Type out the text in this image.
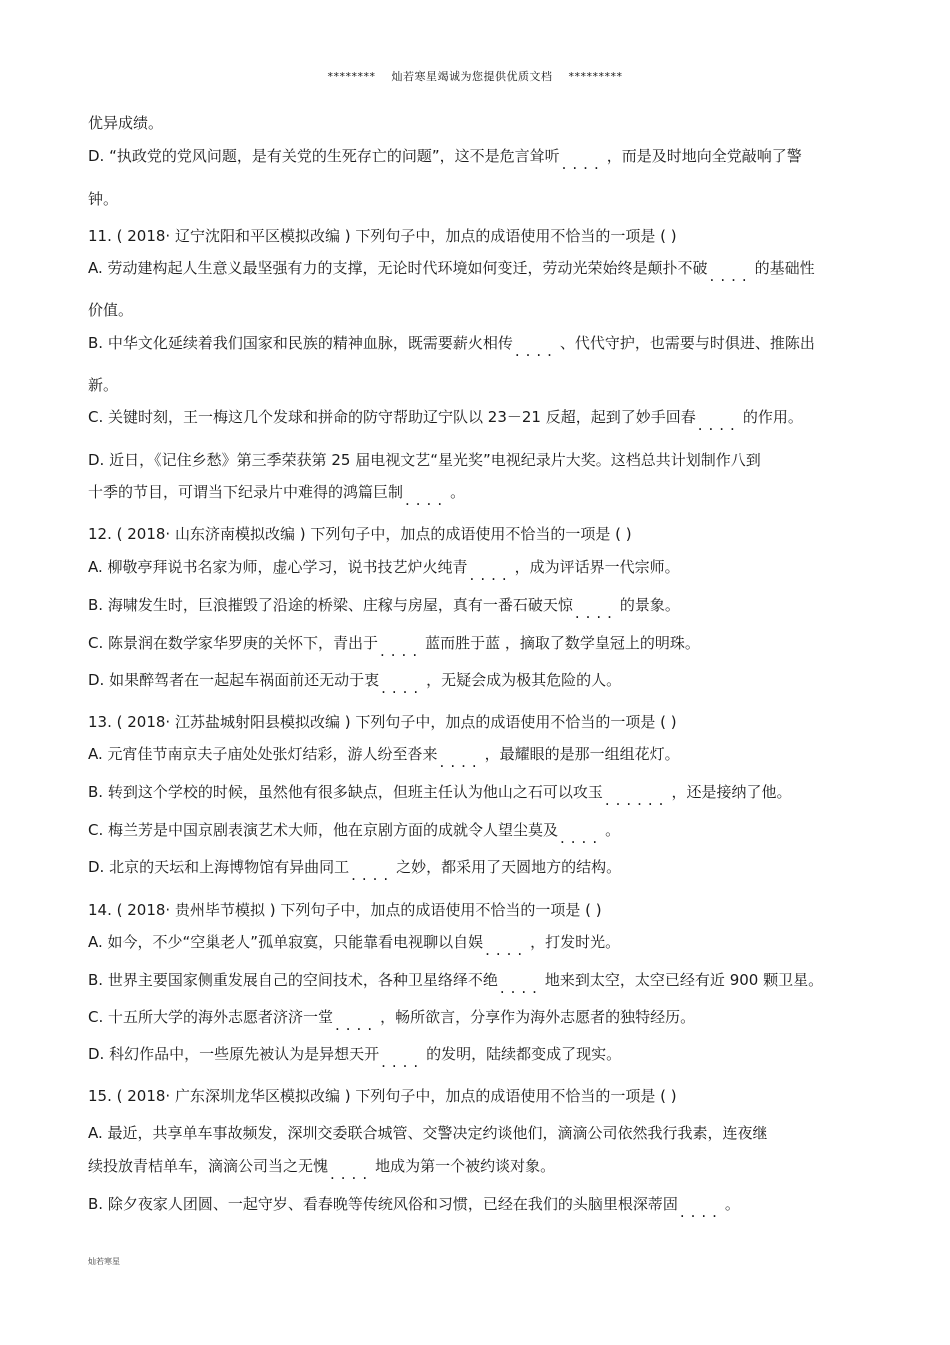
********    灿若寒星竭诚为您提供优质文档    *********
优异成绩。
D. “执政党的党风问题，是有关党的生死存亡的问题”，这不是危言耸听 .... ，而是及时地向全党敲响了警
钟。
11. ( 2018· 辽宁沈阳和平区模拟改编 ) 下列句子中，加点的成语使用不恰当的一项是 ( )
A. 劳动建构起人生意义最坚强有力的支撑，无论时代环境如何变迁，劳动光荣始终是颠扑不破 .... 的基础性
价值。
B. 中华文化延续着我们国家和民族的精神血脉，既需要薪火相传 .... 、代代守护，也需要与时俱进、推陈出
新。
C. 关键时刻，王一梅这几个发球和拼命的防守帮助辽宁队以 23－21 反超，起到了妙手回春 .... 的作用。
D. 近日，《记住乡愁》第三季荣获第 25 届电视文艺“星光奖”电视纪录片大奖。这档总共计划制作八到
十季的节目，可谓当下纪录片中难得的鸿篇巨制 .... 。
12. ( 2018· 山东济南模拟改编 ) 下列句子中，加点的成语使用不恰当的一项是 ( )
A. 柳敬亭拜说书名家为师，虚心学习，说书技艺炉火纯青 .... ，成为评话界一代宗师。
B. 海啸发生时，巨浪摧毁了沿途的桥梁、庄稼与房屋，真有一番石破天惊 .... 的景象。
C. 陈景润在数学家华罗庚的关怀下，青出于 .... 蓝而胜于蓝 ，摘取了数学皇冠上的明珠。
D. 如果醉驾者在一起起车祸面前还无动于衷 .... ，无疑会成为极其危险的人。
13. ( 2018· 江苏盐城射阳县模拟改编 ) 下列句子中，加点的成语使用不恰当的一项是 ( )
A. 元宵佳节南京夫子庙处处张灯结彩，游人纷至沓来 .... ，最耀眼的是那一组组花灯。
B. 转到这个学校的时候，虽然他有很多缺点，但班主任认为他山之石可以攻玉 ...... ，还是接纳了他。
C. 梅兰芳是中国京剧表演艺术大师，他在京剧方面的成就令人望尘莫及 .... 。
D. 北京的天坛和上海博物馆有异曲同工 .... 之妙，都采用了天圆地方的结构。
14. ( 2018· 贵州毕节模拟 ) 下列句子中，加点的成语使用不恰当的一项是 ( )
A. 如今，不少“空巢老人”孤单寂寞，只能靠看电视聊以自娱 .... ，打发时光。
B. 世界主要国家侧重发展自己的空间技术，各种卫星络绎不绝 .... 地来到太空，太空已经有近 900 颗卫星。
C. 十五所大学的海外志愿者济济一堂 .... ，畅所欲言，分享作为海外志愿者的独特经历。
D. 科幻作品中，一些原先被认为是异想天开 .... 的发明，陆续都变成了现实。
15. ( 2018· 广东深圳龙华区模拟改编 ) 下列句子中，加点的成语使用不恰当的一项是 ( )
A. 最近，共享单车事故频发，深圳交委联合城管、交警决定约谈他们，滴滴公司依然我行我素，连夜继
续投放青桔单车，滴滴公司当之无愧 .... 地成为第一个被约谈对象。
B. 除夕夜家人团圆、一起守岁、看春晚等传统风俗和习惯，已经在我们的头脑里根深蒂固 .... 。
灿若寒星
